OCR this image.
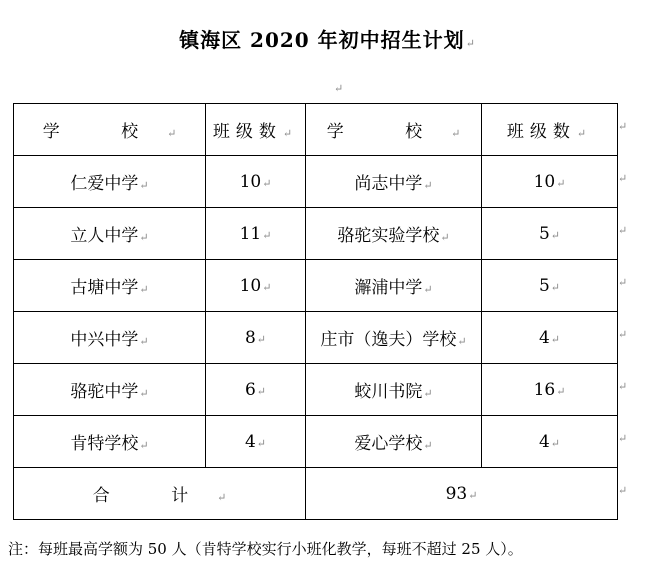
镇海区 2020 年初中招生计划↵
↵
学 校↵	班级数↵	学 校↵	班级数↵
仁爱中学↵	10↵	尚志中学↵	10↵
立人中学↵	11↵	骆驼实验学校↵	5↵
古塘中学↵	10↵	澥浦中学↵	5↵
中兴中学↵	8↵	庄市（逸夫）学校↵	4↵
骆驼中学↵	6↵	蛟川书院↵	16↵
肯特学校↵	4↵	爱心学校↵	4↵
合 计↵		93↵	
↵
↵
↵
↵
↵
↵
↵
↵
注：每班最高学额为 50 人（肯特学校实行小班化教学，每班不超过 25 人）。
